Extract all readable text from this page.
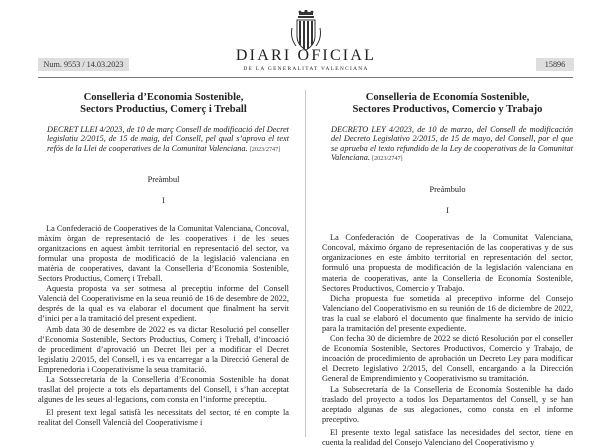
Num. 9553 / 14.03.2023	15896
DIARI OFICIAL
DE LA GENERALITAT VALENCIANA

Conselleria d’Economia Sostenible,
Sectors Productius, Comerç i Treball

DECRET LLEI 4/2023, de 10 de març Consell de modificació del Decret legislatiu 2/2015, de 15 de maig, del Consell, pel qual s’aprova el text refós de la Llei de cooperatives de la Comunitat Valenciana. [2023/2747]

Preàmbul

I

La Confederació de Cooperatives de la Comunitat Valenciana, Concoval, màxim òrgan de representació de les cooperatives i de les seues organitzacions en aquest àmbit territorial en representació del sector, va formular una proposta de modificació de la legislació valenciana en matèria de cooperatives, davant la Conselleria d’Economia Sostenible, Sectors Productius, Comerç i Treball.

Aquesta proposta va ser sotmesa al preceptiu informe del Consell Valencià del Cooperativisme en la seua reunió de 16 de desembre de 2022, després de la qual es va elaborar el document que finalment ha servit d’inici per a la tramitació del present expedient.

Amb data 30 de desembre de 2022 es va dictar Resolució pel conseller d’Economia Sostenible, Sectors Productius, Comerç i Treball, d’incoació de procediment d’aprovació un Decret llei per a modificar el Decret legislatiu 2/2015, del Consell, i es va encarregar a la Direcció General de Emprenedoria i Cooperativisme la seua tramitació.

La Sotssecretaria de la Conselleria d’Economia Sostenible ha donat trasllat del projecte a tots els departaments del Consell, i s’han acceptat algunes de les seues al·legacions, com consta en l’informe preceptiu.

El present text legal satisfà les necessitats del sector, té en compte la realitat del Consell Valencià del Cooperativisme i

Conselleria de Economía Sostenible,
Sectores Productivos, Comercio y Trabajo

DECRETO LEY 4/2023, de 10 de marzo, del Consell de modificación del Decreto Legislativo 2/2015, de 15 de mayo, del Consell, por el que se aprueba el texto refundido de la Ley de cooperativas de la Comunitat Valenciana. [2023/2747]

Preámbulo

I

La Confederación de Cooperativas de la Comunitat Valenciana, Concoval, máximo órgano de representación de las cooperativas y de sus organizaciones en este ámbito territorial en representación del sector, formuló una propuesta de modificación de la legislación valenciana en materia de cooperativas, ante la Conselleria de Economía Sostenible, Sectores Productivos, Comercio y Trabajo.

Dicha propuesta fue sometida al preceptivo informe del Consejo Valenciano del Cooperativismo en su reunión de 16 de diciembre de 2022, tras la cual se elaboró el documento que finalmente ha servido de inicio para la tramitación del presente expediente.

Con fecha 30 de diciembre de 2022 se dictó Resolución por el conseller de Economía Sostenible, Sectores Productivos, Comercio y Trabajo, de incoación de procedimiento de aprobación un Decreto Ley para modificar el Decreto legislativo 2/2015, del Consell, encargando a la Dirección General de Emprendimiento y Cooperativismo su tramitación.

La Subsecretaría de la Conselleria de Economía Sostenible ha dado traslado del proyecto a todos los Departamentos del Consell, y se han aceptado algunas de sus alegaciones, como consta en el informe preceptivo.

El presente texto legal satisface las necesidades del sector, tiene en cuenta la realidad del Consejo Valenciano del Cooperativismo y
